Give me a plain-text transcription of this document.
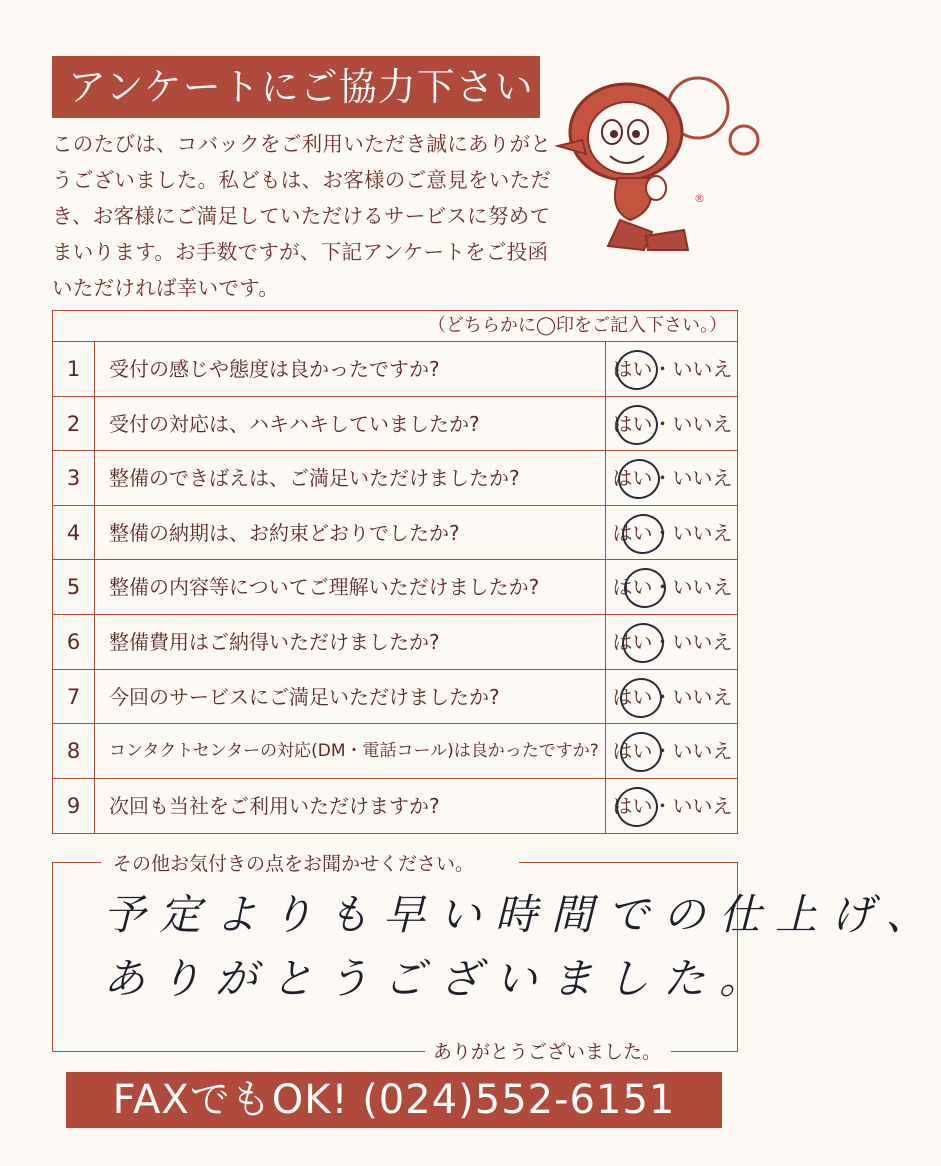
アンケートにご協力下さい
このたびは、コバックをご利用いただき誠にありがとうございました。私どもは、お客様のご意見をいただき、お客様にご満足していただけるサービスに努めてまいります。お手数ですが、下記アンケートをご投函いただければ幸いです。
®
（どちらかに◯印をご記入下さい。）
1	受付の感じや態度は良かったですか?	はい・いいえ
2	受付の対応は、ハキハキしていましたか?	はい・いいえ
3	整備のできばえは、ご満足いただけましたか?	はい・いいえ
4	整備の納期は、お約束どおりでしたか?	はい・いいえ
5	整備の内容等についてご理解いただけましたか?	はい・いいえ
6	整備費用はご納得いただけましたか?	はい・いいえ
7	今回のサービスにご満足いただけましたか?	はい・いいえ
8	コンタクトセンターの対応(DM・電話コール)は良かったですか? はい・いいえ
9	次回も当社をご利用いただけますか?	はい・いいえ
その他お気付きの点をお聞かせください。
予定よりも早い時間での仕上げ、
ありがとうございました。
ありがとうございました。
FAXでもOK! (024)552-6151
